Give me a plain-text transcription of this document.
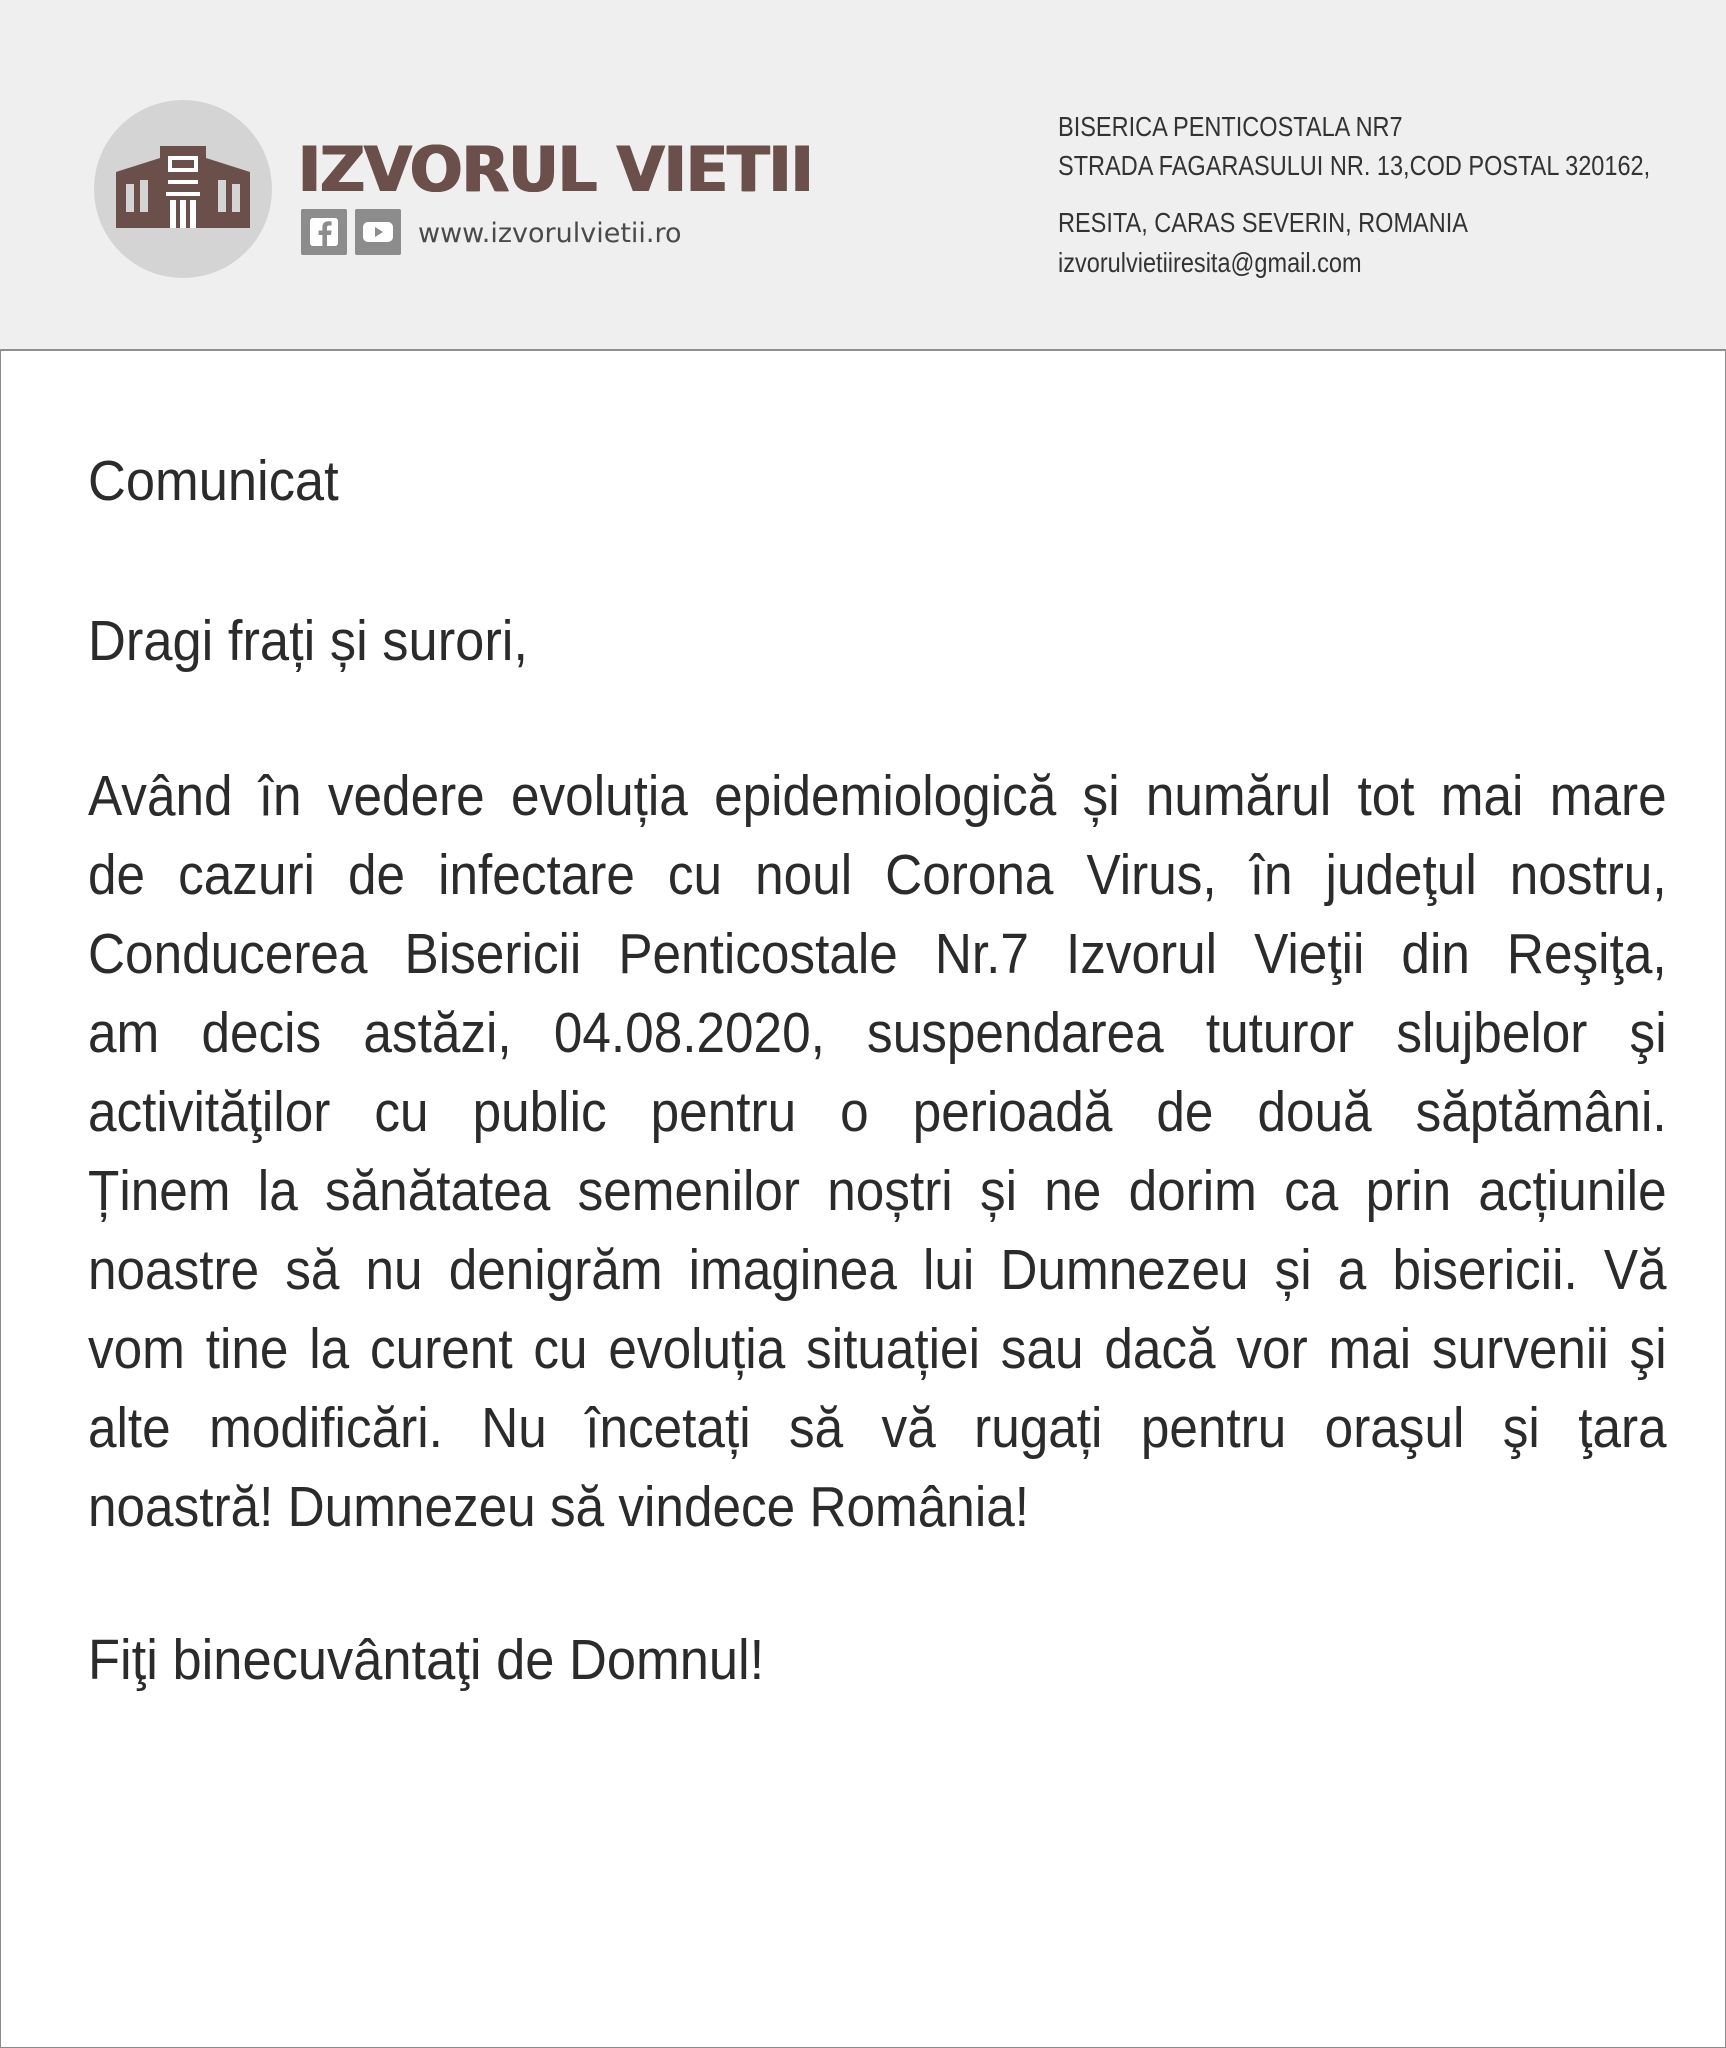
IZVORUL VIETII
www.izvorulvietii.ro
BISERICA PENTICOSTALA NR7
STRADA FAGARASULUI NR. 13,COD POSTAL 320162,
RESITA, CARAS SEVERIN, ROMANIA
izvorulvietiiresita@gmail.com
Comunicat
Dragi frați și surori,
Având în vedere evoluția epidemiologică și numărul tot mai mare
de cazuri de infectare cu noul Corona Virus, în judeţul nostru,
Conducerea Bisericii Penticostale Nr.7 Izvorul Vieţii din Reşiţa,
am decis astăzi, 04.08.2020, suspendarea tuturor slujbelor şi
activităţilor cu public pentru o perioadă de două săptămâni.
Ținem la sănătatea semenilor noștri și ne dorim ca prin acțiunile
noastre să nu denigrăm imaginea lui Dumnezeu și a bisericii. Vă
vom tine la curent cu evoluția situației sau dacă vor mai survenii şi
alte modificări. Nu încetați să vă rugați pentru oraşul şi ţara
noastră! Dumnezeu să vindece România!
Fiţi binecuvântaţi de Domnul!
